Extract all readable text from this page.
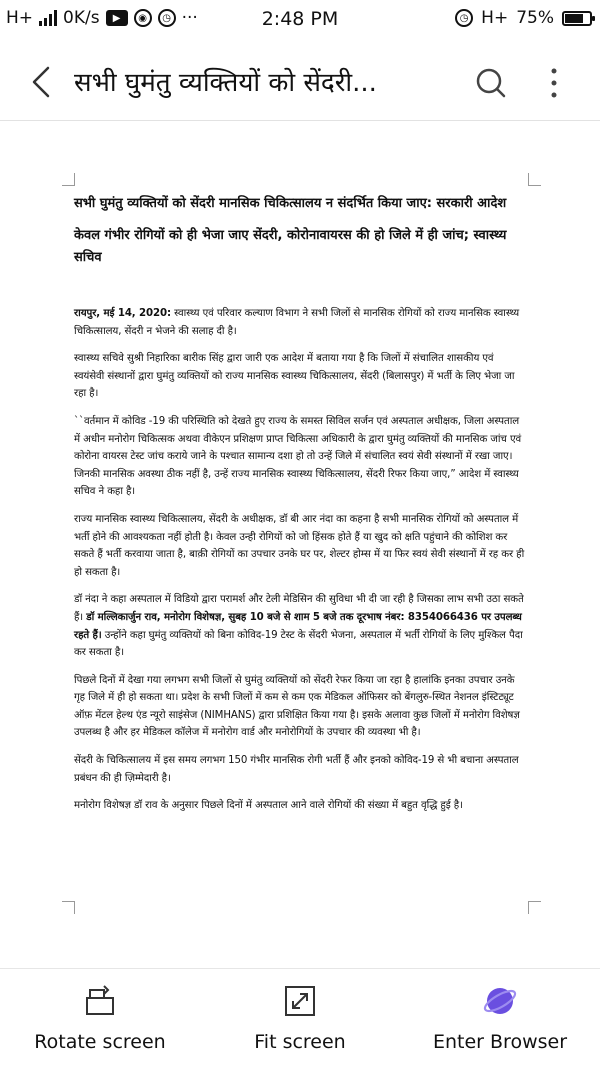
H+ 0K/s	▶	◉	◷ ···	2:48 PM	◷ H+ 75%
सभी घुमंतु व्यक्तियों को सेंदरी...
सभी घुमंतु व्यक्तियों को सेंदरी मानसिक चिकित्सालय न संदर्भित किया जाए: सरकारी आदेश
केवल गंभीर रोगियों को ही भेजा जाए सेंदरी, कोरोनावायरस की हो जिले में ही जांच; स्वास्थ्य सचिव
रायपुर, मई 14, 2020: स्वास्थ्य एवं परिवार कल्याण विभाग ने सभी जिलों से मानसिक रोगियों को राज्य मानसिक स्वास्थ्य चिकित्सालय, सेंदरी न भेजने की सलाह दी है।
स्वास्थ्य सचिवे सुश्री निहारिका बारीक सिंह द्वारा जारी एक आदेश में बताया गया है कि जिलों में संचालित शासकीय एवं स्वयंसेवी संस्थानों द्वारा घुमंतु व्यक्तियों को राज्य मानसिक स्वास्थ्य चिकित्सालय, सेंदरी (बिलासपुर) में भर्ती के लिए भेजा जा रहा है।
``वर्तमान में कोविड -19 की परिस्थिति को देखते हुए राज्य के समस्त सिविल सर्जन एवं अस्पताल अधीक्षक, जिला अस्पताल में अधीन मनोरोग चिकित्सक अथवा वीकेएन प्रशिक्षण प्राप्त चिकित्सा अधिकारी के द्वारा घुमंतु व्यक्तियों की मानसिक जांच एवं कोरोना वायरस टेस्ट जांच कराये जाने के पश्चात सामान्य दशा हो तो उन्हें जिले में संचालित स्वयं सेवी संस्थानों में रखा जाए। जिनकी मानसिक अवस्था ठीक नहीं है, उन्हें राज्य मानसिक स्वास्थ्य चिकित्सालय, सेंदरी रिफर किया जाए,” आदेश में स्वास्थ्य सचिव ने कहा है।
राज्य मानसिक स्वास्थ्य चिकित्सालय, सेंदरी के अधीक्षक, डॉ बी आर नंदा का कहना है सभी मानसिक रोगियों को अस्पताल में भर्ती होने की आवश्यकता नहीं होती है। केवल उन्ही रोगियों को जो हिंसक होते हैं या खुद को क्षति पहुंचाने की कोशिश कर सकते हैं भर्ती करवाया जाता है, बाक़ी रोगियों का उपचार उनके घर पर, शेल्टर होम्स में या फिर स्वयं सेवी संस्थानों में रह कर ही हो सकता है।
डॉ नंदा ने कहा अस्पताल में विडियो द्वारा परामर्श और टेली मेडिसिन की सुविधा भी दी जा रही है जिसका लाभ सभी उठा सकते हैं। डॉ मल्लिकार्जुन राव, मनोरोग विशेषज्ञ, सुबह 10 बजे से शाम 5 बजे तक दूरभाष नंबर: 8354066436 पर उपलब्ध रहते हैं। उन्होंने कहा घुमंतु व्यक्तियों को बिना कोविद-19 टेस्ट के सेंदरी भेजना, अस्पताल में भर्ती रोगियों के लिए मुश्किल पैदा कर सकता है।
पिछले दिनों में देखा गया लगभग सभी जिलों से घुमंतु व्यक्तियों को सेंदरी रेफर किया जा रहा है हालांकि इनका उपचार उनके गृह जिले में ही हो सकता था। प्रदेश के सभी जिलों में कम से कम एक मेडिकल ऑफिसर को बेंगलुरु-स्थित नेशनल इंस्टिट्यूट ऑफ़ मेंटल हेल्थ एंड न्यूरो साइंसेज (NIMHANS) द्वारा प्रशिक्षित किया गया है। इसके अलावा कुछ जिलों में मनोरोग विशेषज्ञ उपलब्ध है और हर मेडिकल कॉलेज में मनोरोग वार्ड और मनोरोगियों के उपचार की व्यवस्था भी है।
सेंदरी के चिकित्सालय में इस समय लगभग 150 गंभीर मानसिक रोगी भर्ती हैं और इनको कोविद-19 से भी बचाना अस्पताल प्रबंधन की ही ज़िम्मेदारी है।
मनोरोग विशेषज्ञ डॉ राव के अनुसार पिछले दिनों में अस्पताल आने वाले रोगियों की संख्या में बहुत वृद्धि हुई है।
Rotate screen	Fit screen	Enter Browser
